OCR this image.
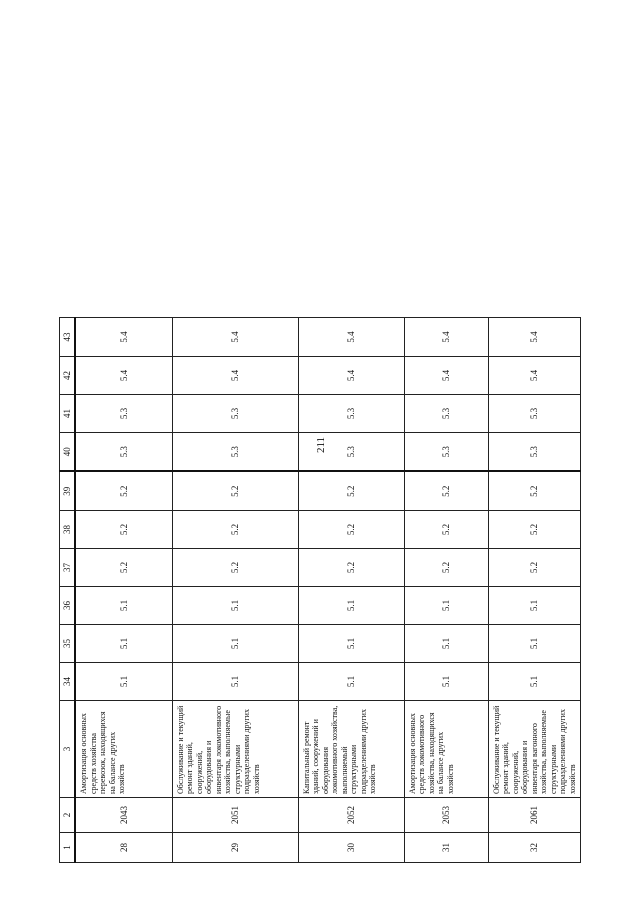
211
1	2	3	34	35	36	37	38	39	40	41	42	43
28	2043	Амортизация основных средств хозяйства перевозок, находящихся на балансе других хозяйств	5.1	5.1	5.1	5.2	5.2	5.2	5.3	5.3	5.4	5.4
29	2051	Обслуживание и текущий ремонт зданий, сооружений, оборудования и инвентаря локомотивного хозяйства, выполняемые структурными подразделениями других хозяйств	5.1	5.1	5.1	5.2	5.2	5.2	5.3	5.3	5.4	5.4
30	2052	Капитальный ремонт зданий, сооружений и оборудования локомотивного хозяйства, выполняемый структурными подразделениями других хозяйств	5.1	5.1	5.1	5.2	5.2	5.2	5.3	5.3	5.4	5.4
31	2053	Амортизация основных средств локомотивного хозяйства, находящихся на балансе других хозяйств	5.1	5.1	5.1	5.2	5.2	5.2	5.3	5.3	5.4	5.4
32	2061	Обслуживание и текущий ремонт зданий, сооружений, оборудования и инвентаря вагонного хозяйства, выполняемые структурными подразделениями других хозяйств	5.1	5.1	5.1	5.2	5.2	5.2	5.3	5.3	5.4	5.4
